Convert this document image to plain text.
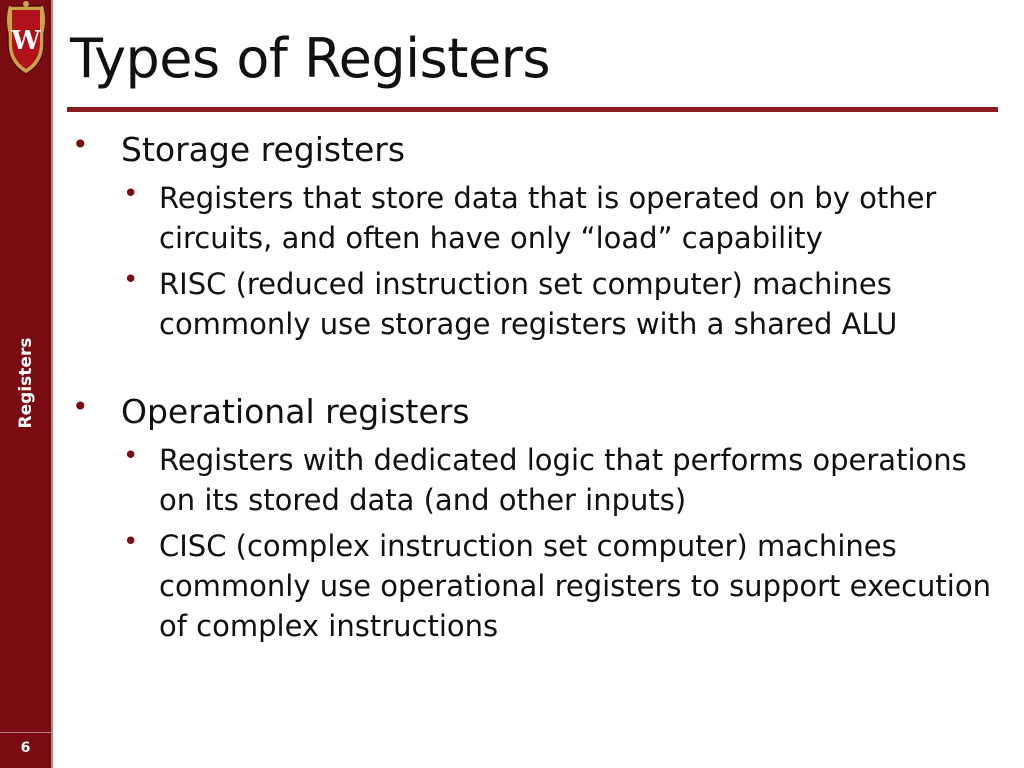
W
Registers
6
Types of Registers
• Storage registers
• Registers that store data that is operated on by other circuits, and often have only “load” capability
• RISC (reduced instruction set computer) machines commonly use storage registers with a shared ALU
• Operational registers
• Registers with dedicated logic that performs operations on its stored data (and other inputs)
• CISC (complex instruction set computer) machines commonly use operational registers to support execution of complex instructions
